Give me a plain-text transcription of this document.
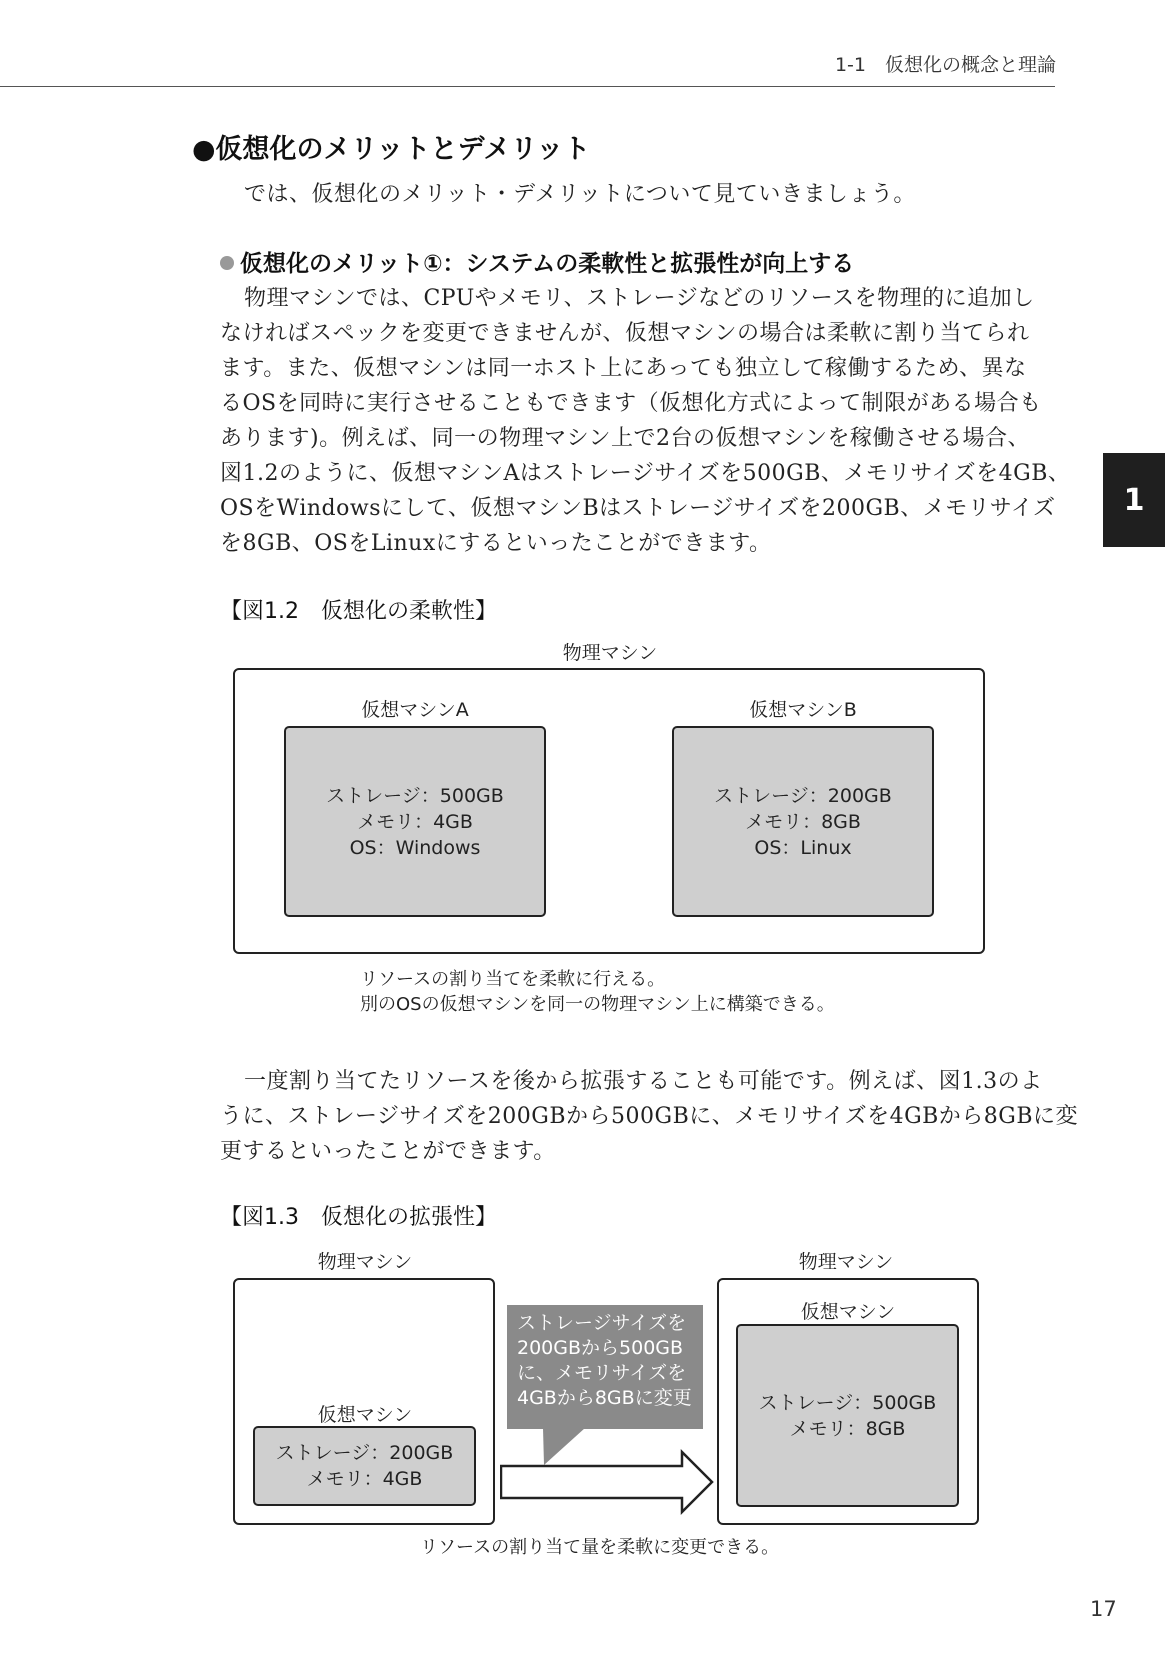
1-1　仮想化の概念と理論
1
●仮想化のメリットとデメリット
では、仮想化のメリット・デメリットについて見ていきましょう。
仮想化のメリット①：システムの柔軟性と拡張性が向上する
物理マシンでは、CPUやメモリ、ストレージなどのリソースを物理的に追加し
なければスペックを変更できませんが、仮想マシンの場合は柔軟に割り当てられ
ます。また、仮想マシンは同一ホスト上にあっても独立して稼働するため、異な
るOSを同時に実行させることもできます（仮想化方式によって制限がある場合も
あります)。例えば、同一の物理マシン上で2台の仮想マシンを稼働させる場合、
図1.2のように、仮想マシンAはストレージサイズを500GB、メモリサイズを4GB、
OSをWindowsにして、仮想マシンBはストレージサイズを200GB、メモリサイズ
を8GB、OSをLinuxにするといったことができます。
【図1.2　仮想化の柔軟性】
物理マシン
仮想マシンA
ストレージ：500GB
メモリ：4GB
OS：Windows
仮想マシンB
ストレージ：200GB
メモリ：8GB
OS：Linux
リソースの割り当てを柔軟に行える。
別のOSの仮想マシンを同一の物理マシン上に構築できる。
一度割り当てたリソースを後から拡張することも可能です。例えば、図1.3のよ
うに、ストレージサイズを200GBから500GBに、メモリサイズを4GBから8GBに変
更するといったことができます。
【図1.3　仮想化の拡張性】
物理マシン
仮想マシン
ストレージ：200GB
メモリ：4GB
ストレージサイズを
200GBから500GB
に、メモリサイズを
4GBから8GBに変更
物理マシン
仮想マシン
ストレージ：500GB
メモリ：8GB
リソースの割り当て量を柔軟に変更できる。
17
